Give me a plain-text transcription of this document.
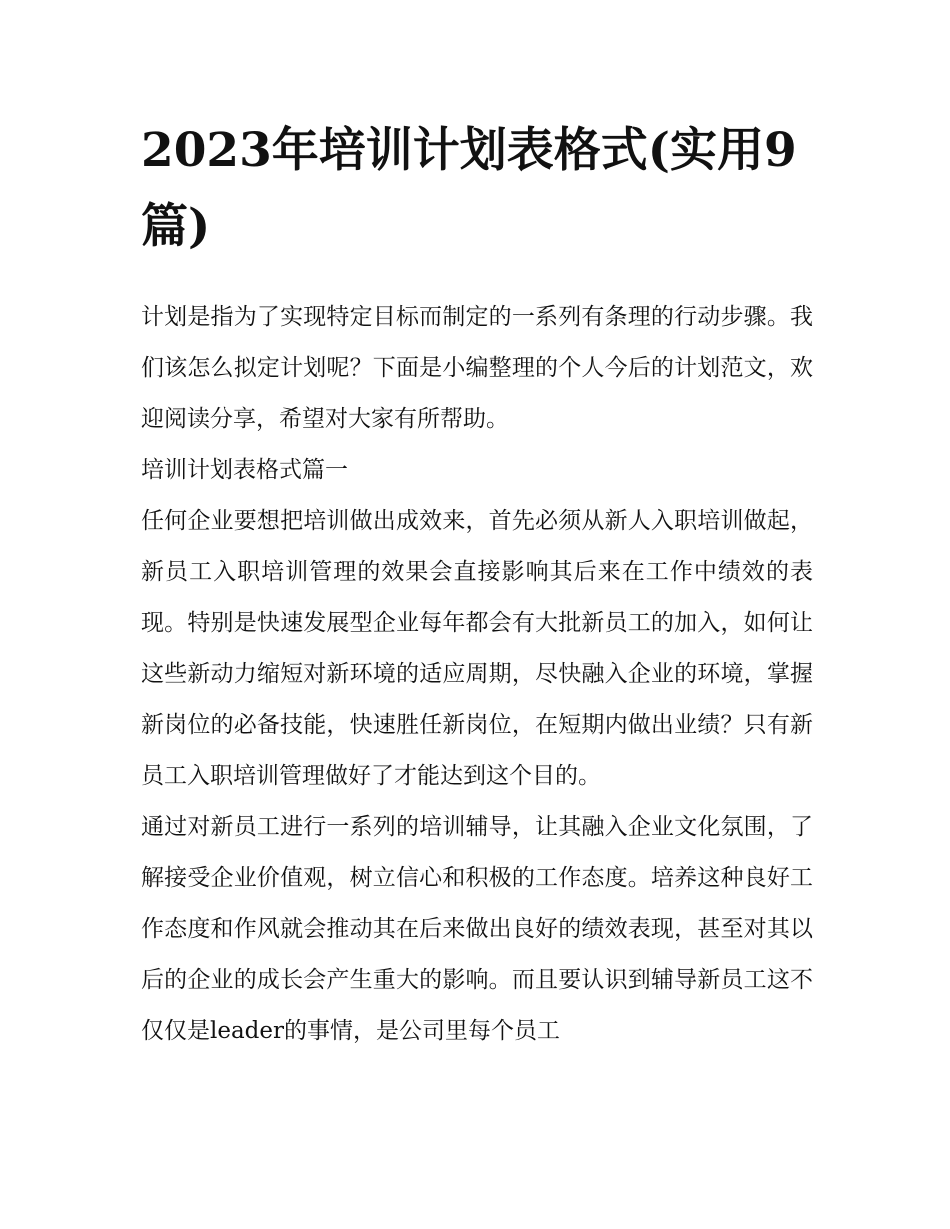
2023年培训计划表格式(实用9篇)

计划是指为了实现特定目标而制定的一系列有条理的行动步骤。我们该怎么拟定计划呢？下面是小编整理的个人今后的计划范文，欢迎阅读分享，希望对大家有所帮助。

培训计划表格式篇一

任何企业要想把培训做出成效来，首先必须从新人入职培训做起，新员工入职培训管理的效果会直接影响其后来在工作中绩效的表现。特别是快速发展型企业每年都会有大批新员工的加入，如何让这些新动力缩短对新环境的适应周期，尽快融入企业的环境，掌握新岗位的必备技能，快速胜任新岗位，在短期内做出业绩？只有新员工入职培训管理做好了才能达到这个目的。

通过对新员工进行一系列的培训辅导，让其融入企业文化氛围，了解接受企业价值观，树立信心和积极的工作态度。培养这种良好工作态度和作风就会推动其在后来做出良好的绩效表现，甚至对其以后的企业的成长会产生重大的影响。而且要认识到辅导新员工这不仅仅是leader的事情，是公司里每个员工
